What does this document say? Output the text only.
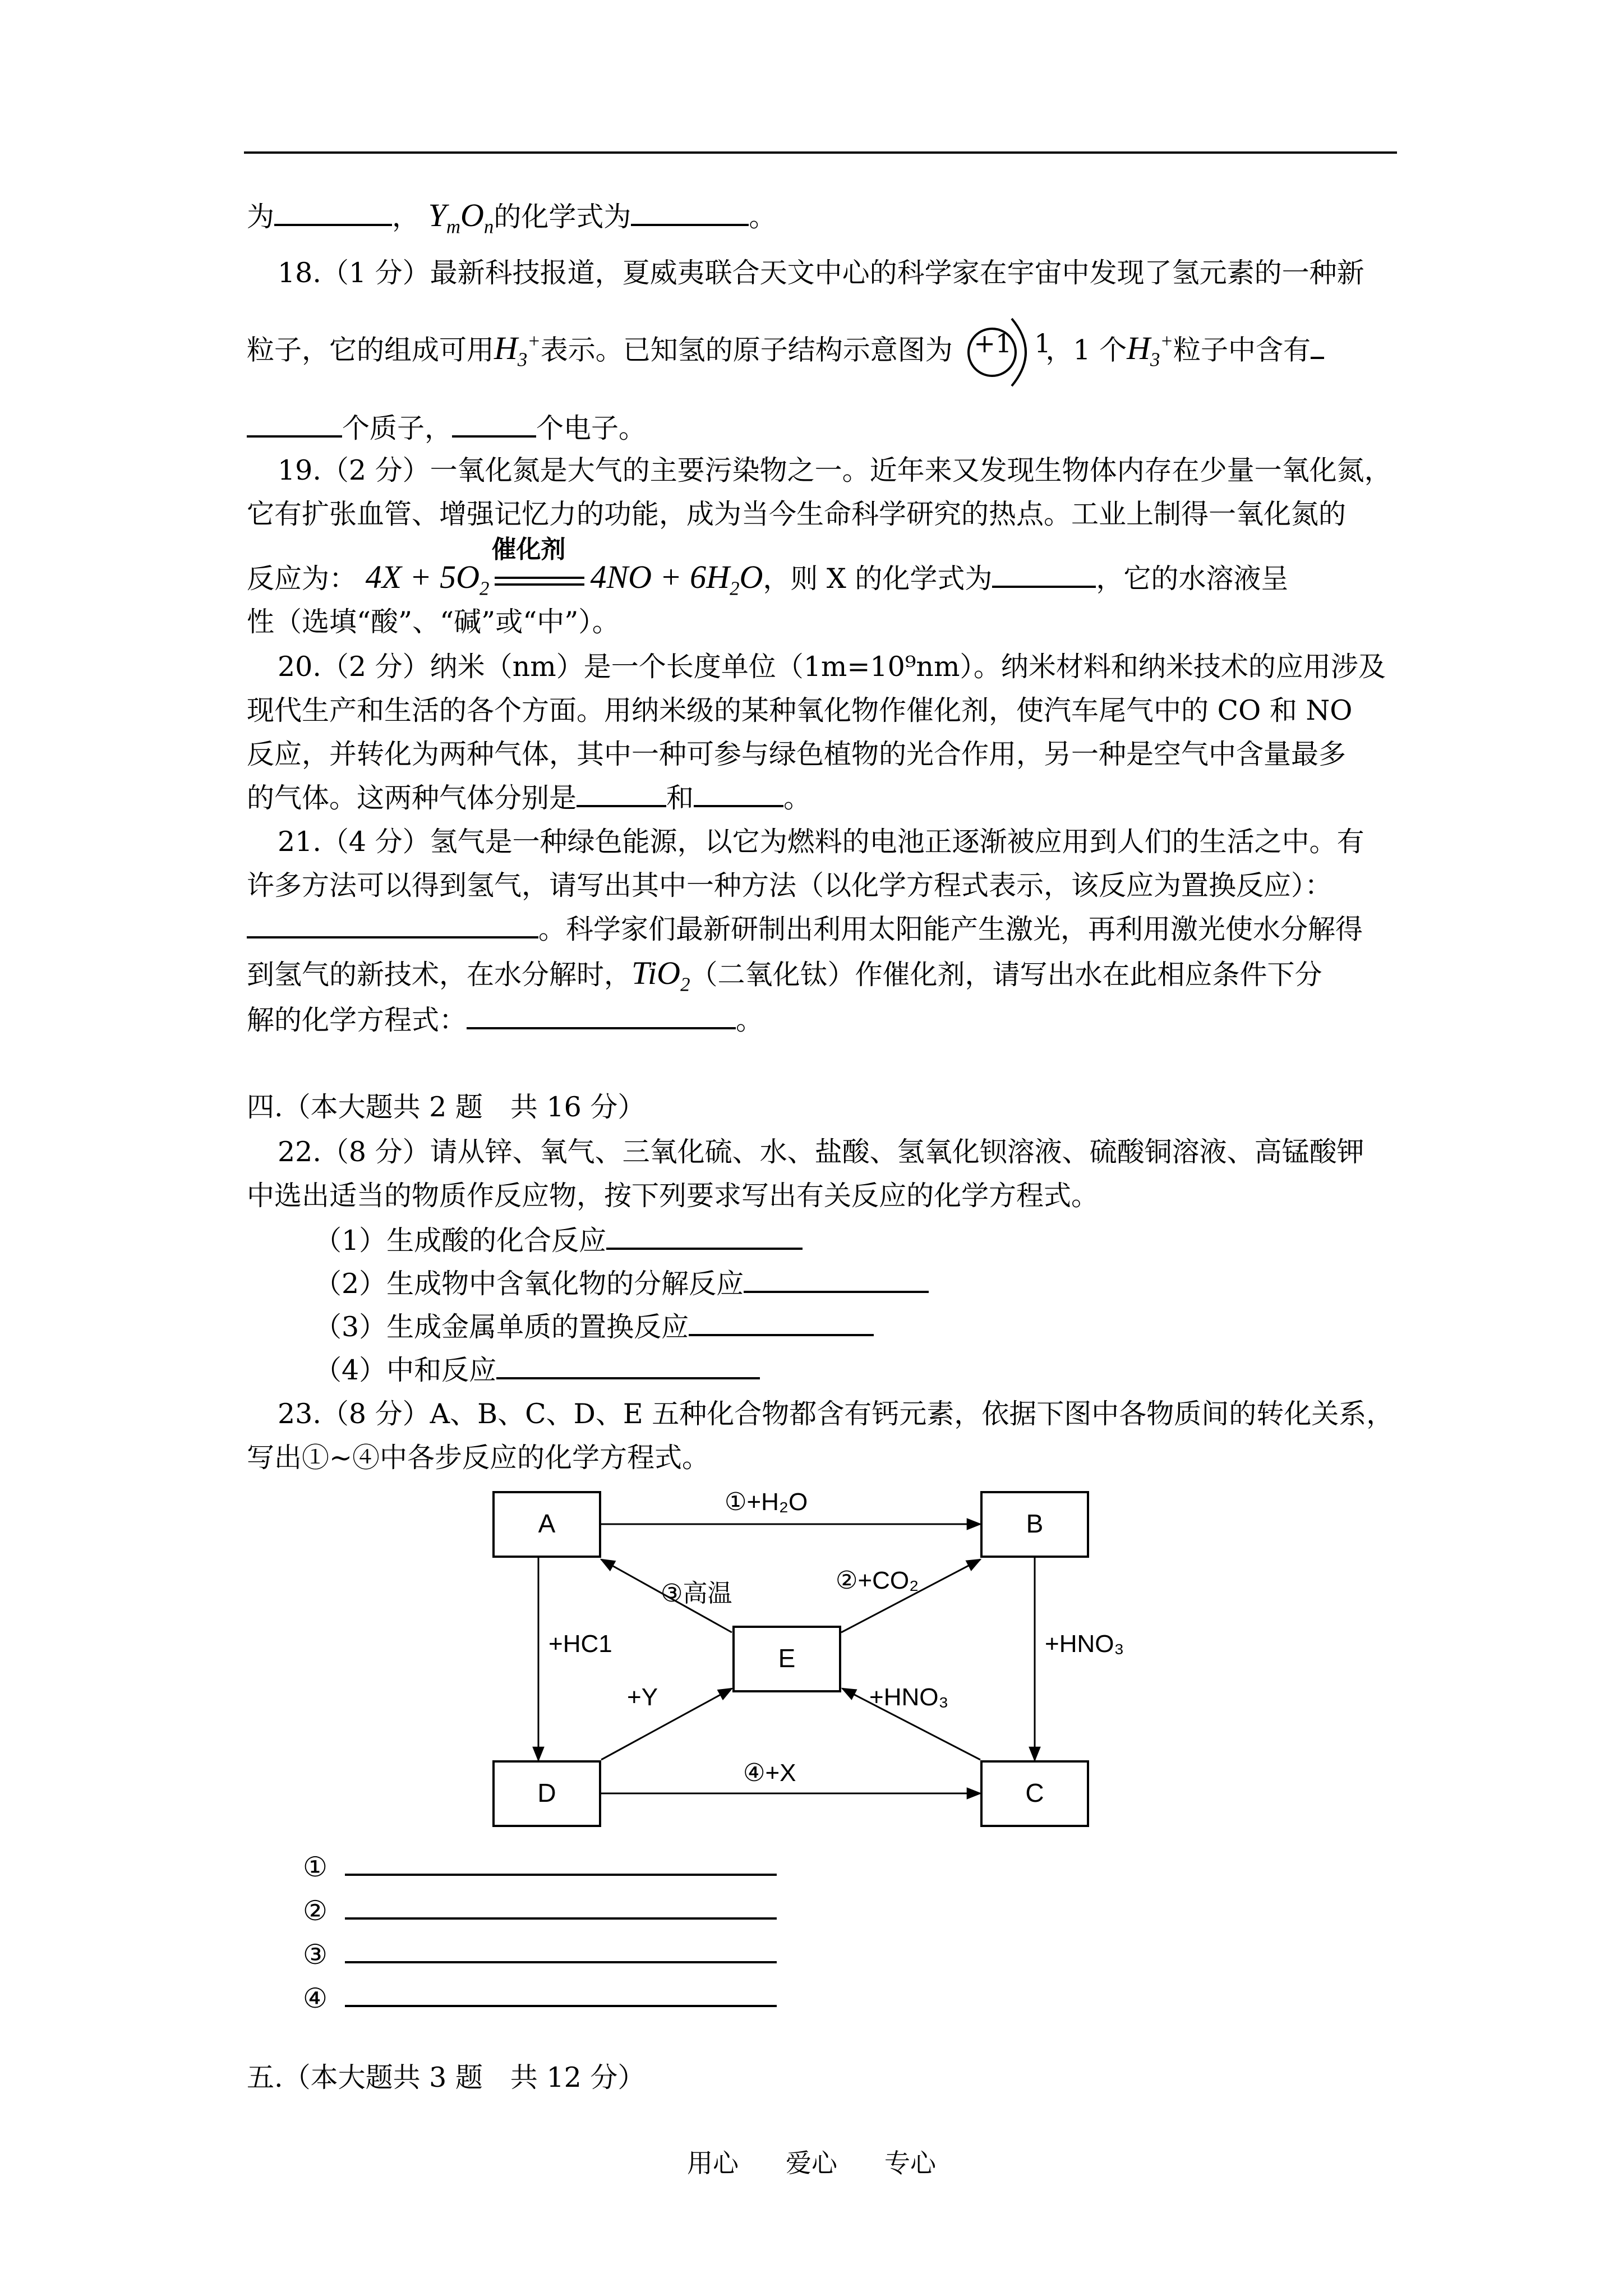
为	， $Y_mO_n$的化学式为	。
18.（1 分）最新科技报道，夏威夷联合天文中心的科学家在宇宙中发现了氢元素的一种新
粒子，它的组成可用$H_3^+$表示。已知氢的原子结构示意图为 +1 1
，1 个$H_3^+$粒子中含有
个质子，	个电子。
19.（2 分）一氧化氮是大气的主要污染物之一。近年来又发现生物体内存在少量一氧化氮，
它有扩张血管、增强记忆力的功能，成为当今生命科学研究的热点。工业上制得一氧化氮的
反应为： $4X + 5O_2$
催化剂
$4NO + 6H_2O$，则 X 的化学式为	，它的水溶液呈
性（选填“酸”、“碱”或“中”）。
20.（2 分）纳米（nm）是一个长度单位（1m=10⁹nm）。纳米材料和纳米技术的应用涉及
现代生产和生活的各个方面。用纳米级的某种氧化物作催化剂，使汽车尾气中的 CO 和 NO
反应，并转化为两种气体，其中一种可参与绿色植物的光合作用，另一种是空气中含量最多
的气体。这两种气体分别是	和	。
21.（4 分）氢气是一种绿色能源，以它为燃料的电池正逐渐被应用到人们的生活之中。有
许多方法可以得到氢气，请写出其中一种方法（以化学方程式表示，该反应为置换反应）：
。科学家们最新研制出利用太阳能产生激光，再利用激光使水分解得
到氢气的新技术，在水分解时，TiO$_2$（二氧化钛）作催化剂，请写出水在此相应条件下分
解的化学方程式：	。
四.（本大题共 2 题　共 16 分）
22.（8 分）请从锌、氧气、三氧化硫、水、盐酸、氢氧化钡溶液、硫酸铜溶液、高锰酸钾
中选出适当的物质作反应物，按下列要求写出有关反应的化学方程式。
（1）生成酸的化合反应
（2）生成物中含氧化物的分解反应
（3）生成金属单质的置换反应
（4）中和反应
23.（8 分）A、B、C、D、E 五种化合物都含有钙元素，依据下图中各物质间的转化关系，
写出①~④中各步反应的化学方程式。
A	B
E
D	C
①+H₂O
③高温	②+CO₂
+HC1	+HNO₃
+Y	+HNO₃
④+X
①
②
③
④
五.（本大题共 3 题　共 12 分）
用心 爱心 专心
